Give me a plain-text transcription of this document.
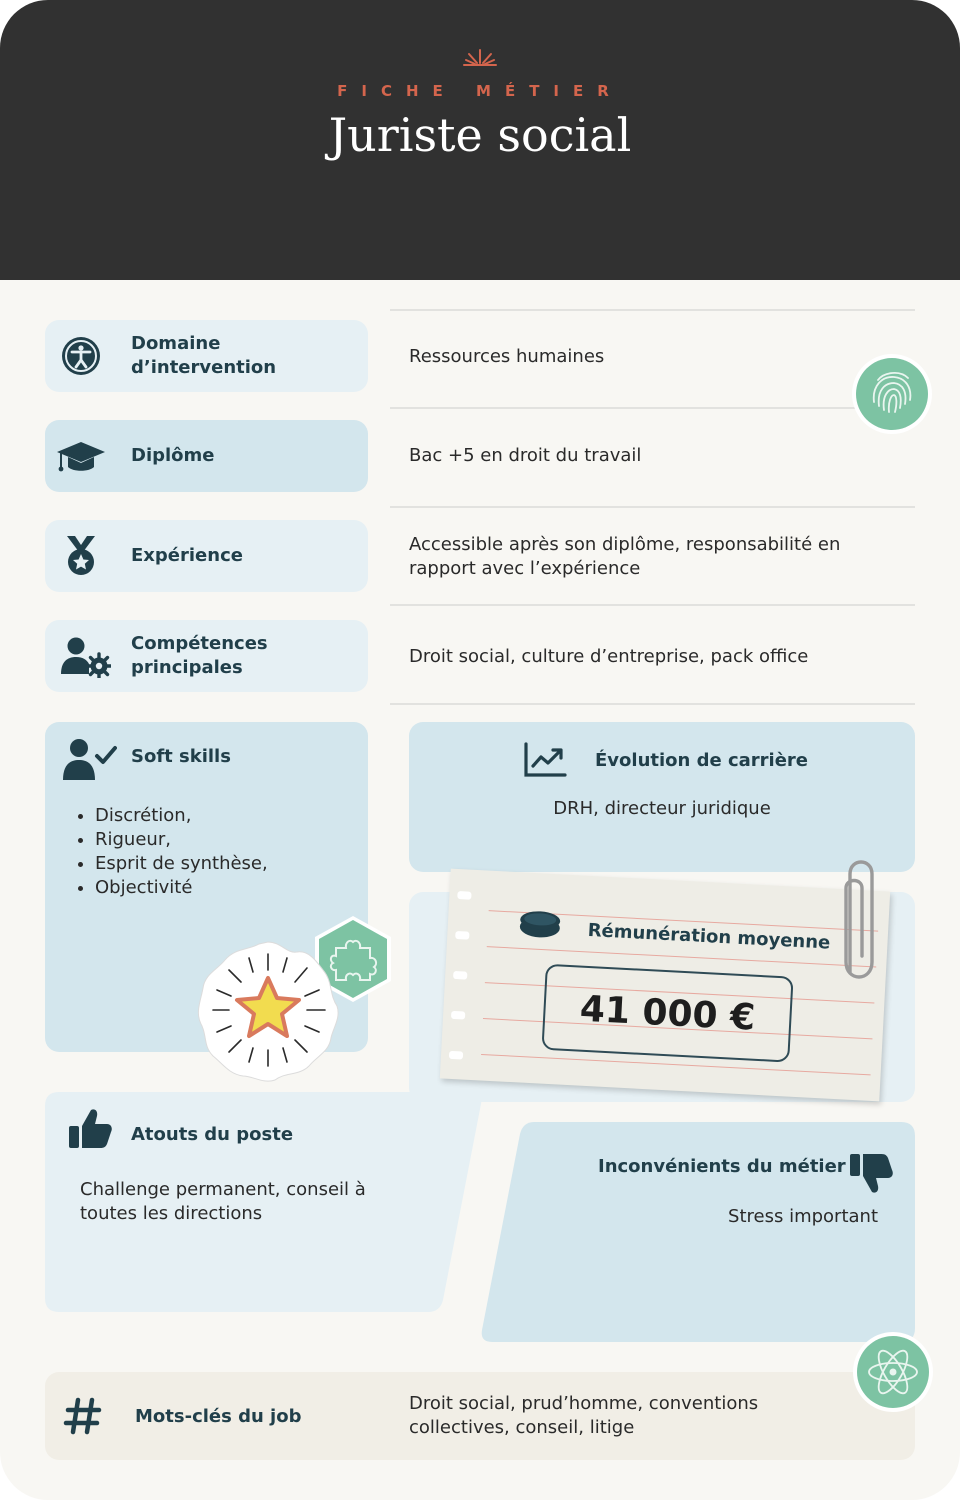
FICHE MÉTIER
Juriste social
Domaine d’intervention
Ressources humaines
Diplôme	Bac +5 en droit du travail
Expérience
Accessible après son diplôme, responsabilité en rapport avec l’expérience
Compétences principales
Droit social, culture d’entreprise, pack office
Soft skills
• Discrétion,
• Rigueur,
• Esprit de synthèse,
• Objectivité
Évolution de carrière
DRH, directeur juridique
Rémunération moyenne
41 000 €
Atouts du poste
Challenge permanent, conseil à toutes les directions
Inconvénients du métier
Stress important
Mots-clés du job
Droit social, prud’homme, conventions collectives, conseil, litige
